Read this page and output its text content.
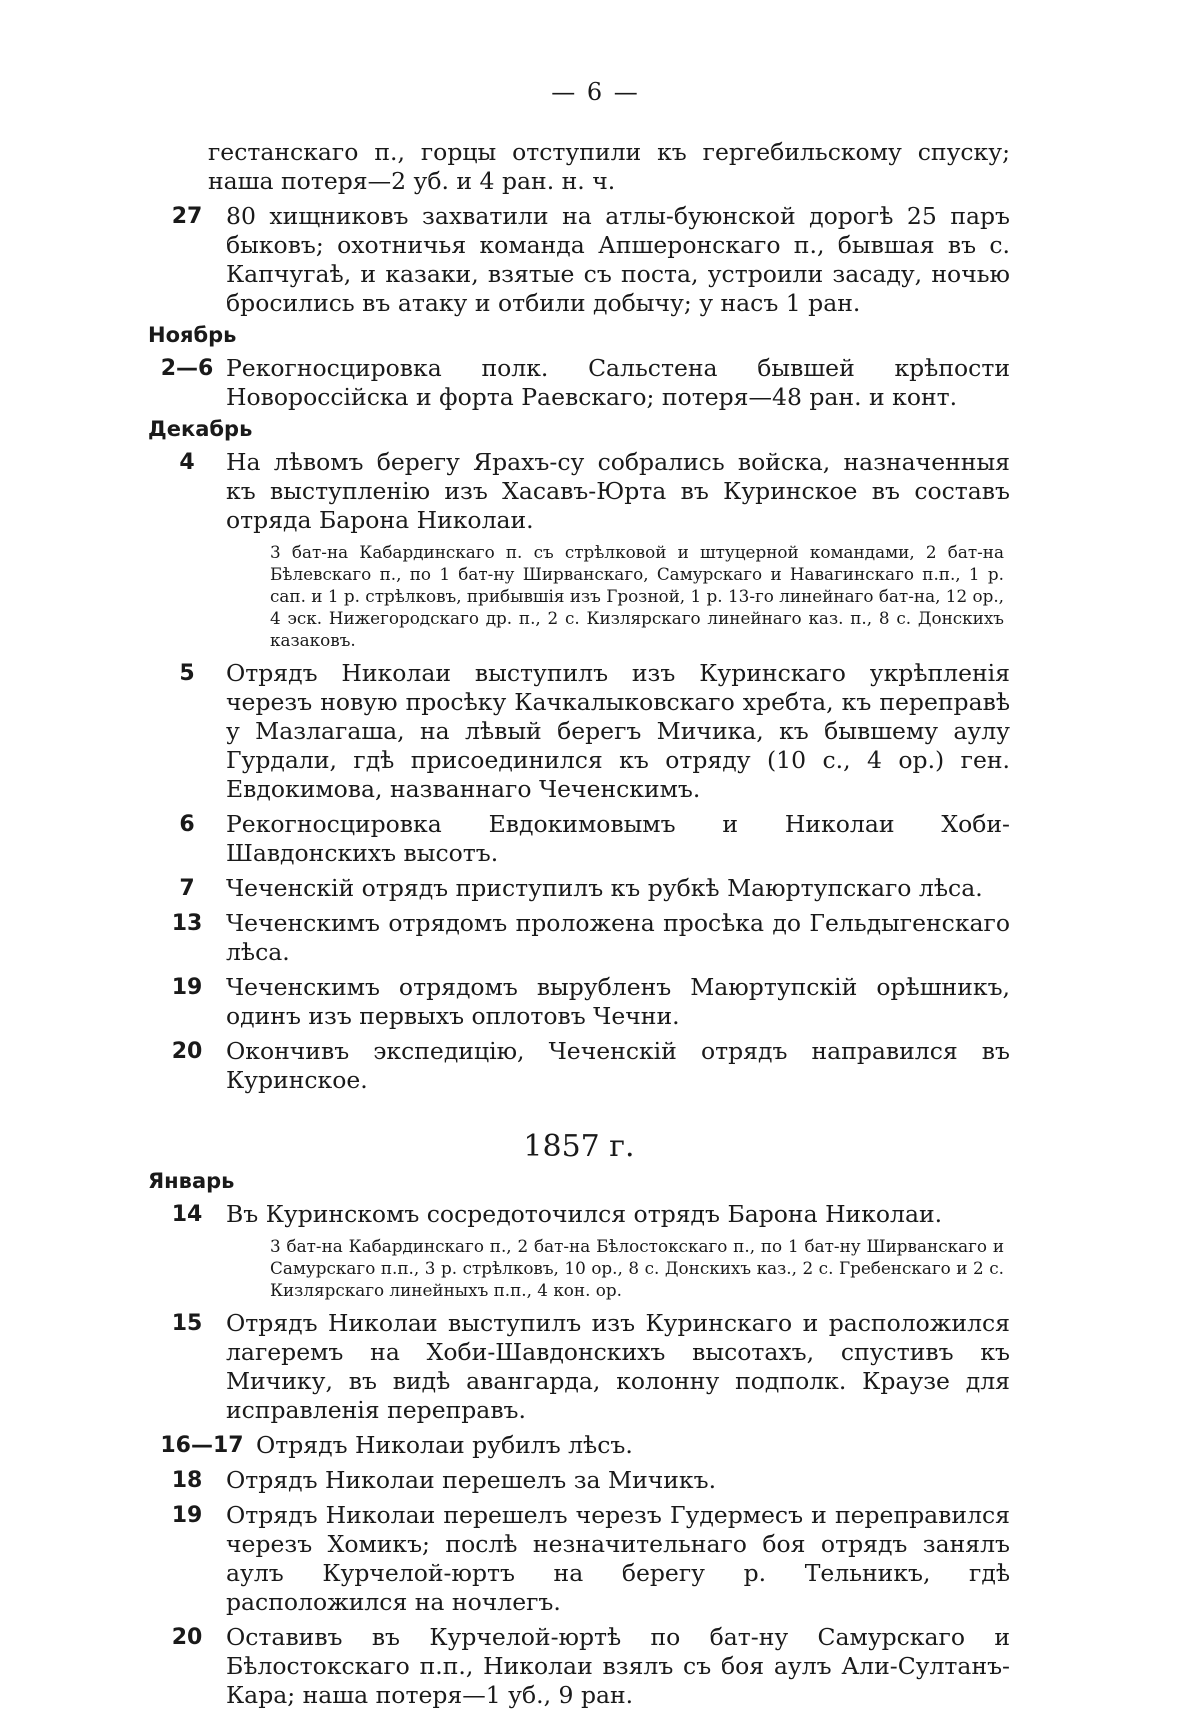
— 6 —
гестанскаго п., горцы отступили къ гергебильскому спуску; наша потеря—2 уб. и 4 ран. н. ч.
27	80 хищниковъ захватили на атлы-буюнской дорогѣ 25 паръ быковъ; охотничья команда Апшеронскаго п., бывшая въ с. Капчугаѣ, и казаки, взятые съ поста, устроили засаду, ночью бросились въ атаку и отбили добычу; у насъ 1 ран.
Ноябрь
2—6 Рекогносцировка полк. Сальстена бывшей крѣпости Новороссійска и форта Раевскаго; потеря—48 ран. и конт.
Декабрь
4	На лѣвомъ берегу Ярахъ-су собрались войска, назначенныя къ выступленію изъ Хасавъ-Юрта въ Куринское въ составъ отряда Барона Николаи.
3 бат-на Кабардинскаго п. съ стрѣлковой и штуцерной командами, 2 бат-на Бѣлевскаго п., по 1 бат-ну Ширванскаго, Самурскаго и Навагинскаго п.п., 1 р. сап. и 1 р. стрѣлковъ, прибывшія изъ Грозной, 1 р. 13-го линейнаго бат-на, 12 ор., 4 эск. Нижегородскаго др. п., 2 с. Кизлярскаго линейнаго каз. п., 8 с. Донскихъ казаковъ.
5	Отрядъ Николаи выступилъ изъ Куринскаго укрѣпленія черезъ новую просѣку Качкалыковскаго хребта, къ переправѣ у Мазлагаша, на лѣвый берегъ Мичика, къ бывшему аулу Гурдали, гдѣ присоединился къ отряду (10 с., 4 ор.) ген. Евдокимова, названнаго Чеченскимъ.
6	Рекогносцировка Евдокимовымъ и Николаи Хоби-Шавдонскихъ высотъ.
7	Чеченскій отрядъ приступилъ къ рубкѣ Маюртупскаго лѣса.
13	Чеченскимъ отрядомъ проложена просѣка до Гельдыгенскаго лѣса.
19	Чеченскимъ отрядомъ вырубленъ Маюртупскій орѣшникъ, одинъ изъ первыхъ оплотовъ Чечни.
20	Окончивъ экспедицію, Чеченскій отрядъ направился въ Куринское.
1857 г.
Январь
14	Въ Куринскомъ сосредоточился отрядъ Барона Николаи.
3 бат-на Кабардинскаго п., 2 бат-на Бѣлостокскаго п., по 1 бат-ну Ширванскаго и Самурскаго п.п., 3 р. стрѣлковъ, 10 ор., 8 с. Донскихъ каз., 2 с. Гребенскаго и 2 с. Кизлярскаго линейныхъ п.п., 4 кон. ор.
15	Отрядъ Николаи выступилъ изъ Куринскаго и расположился лагеремъ на Хоби-Шавдонскихъ высотахъ, спустивъ къ Мичику, въ видѣ авангарда, колонну подполк. Краузе для исправленія переправъ.
16—17 Отрядъ Николаи рубилъ лѣсъ.
18	Отрядъ Николаи перешелъ за Мичикъ.
19	Отрядъ Николаи перешелъ черезъ Гудермесъ и переправился черезъ Хомикъ; послѣ незначительнаго боя отрядъ занялъ аулъ Курчелой-юртъ на берегу р. Тельникъ, гдѣ расположился на ночлегъ.
20	Оставивъ въ Курчелой-юртѣ по бат-ну Самурскаго и Бѣлостокскаго п.п., Николаи взялъ съ боя аулъ Али-Султанъ-Кара; наша потеря—1 уб., 9 ран.
